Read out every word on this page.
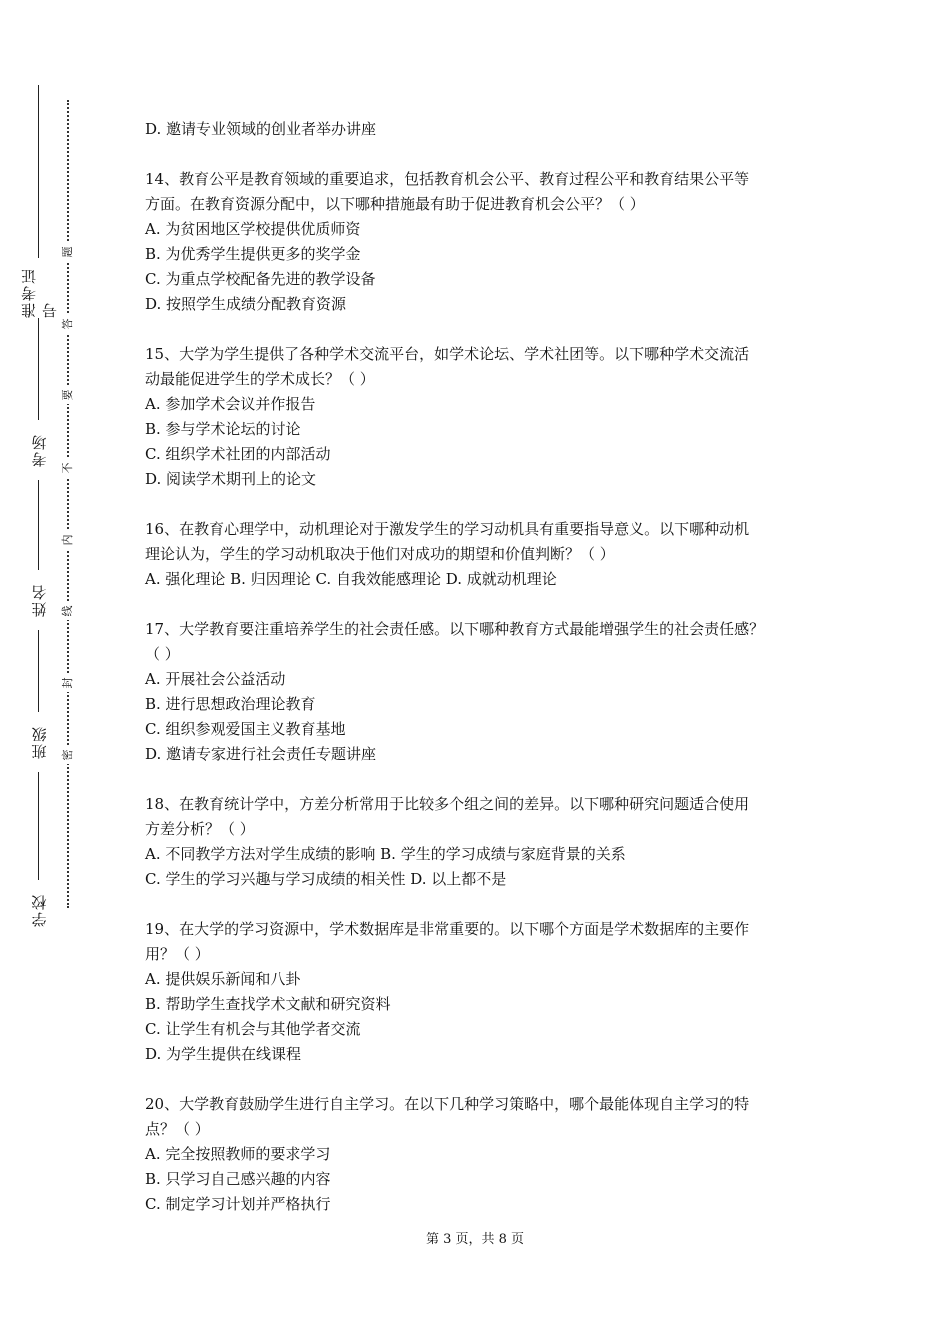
准考证号
考场
姓名
班级
学校
题
答
要
不
内
线
封
密
D. 邀请专业领域的创业者举办讲座
14、教育公平是教育领域的重要追求，包括教育机会公平、教育过程公平和教育结果公平等
方面。在教育资源分配中，以下哪种措施最有助于促进教育机会公平？（ ）
A. 为贫困地区学校提供优质师资
B. 为优秀学生提供更多的奖学金
C. 为重点学校配备先进的教学设备
D. 按照学生成绩分配教育资源
15、大学为学生提供了各种学术交流平台，如学术论坛、学术社团等。以下哪种学术交流活
动最能促进学生的学术成长？（ ）
A. 参加学术会议并作报告
B. 参与学术论坛的讨论
C. 组织学术社团的内部活动
D. 阅读学术期刊上的论文
16、在教育心理学中，动机理论对于激发学生的学习动机具有重要指导意义。以下哪种动机
理论认为，学生的学习动机取决于他们对成功的期望和价值判断？（ ）
A. 强化理论 B. 归因理论 C. 自我效能感理论 D. 成就动机理论
17、大学教育要注重培养学生的社会责任感。以下哪种教育方式最能增强学生的社会责任感？
（ ）
A. 开展社会公益活动
B. 进行思想政治理论教育
C. 组织参观爱国主义教育基地
D. 邀请专家进行社会责任专题讲座
18、在教育统计学中，方差分析常用于比较多个组之间的差异。以下哪种研究问题适合使用
方差分析？（ ）
A. 不同教学方法对学生成绩的影响 B. 学生的学习成绩与家庭背景的关系
C. 学生的学习兴趣与学习成绩的相关性 D. 以上都不是
19、在大学的学习资源中，学术数据库是非常重要的。以下哪个方面是学术数据库的主要作
用？（ ）
A. 提供娱乐新闻和八卦
B. 帮助学生查找学术文献和研究资料
C. 让学生有机会与其他学者交流
D. 为学生提供在线课程
20、大学教育鼓励学生进行自主学习。在以下几种学习策略中，哪个最能体现自主学习的特
点？（ ）
A. 完全按照教师的要求学习
B. 只学习自己感兴趣的内容
C. 制定学习计划并严格执行
第 3 页，共 8 页
